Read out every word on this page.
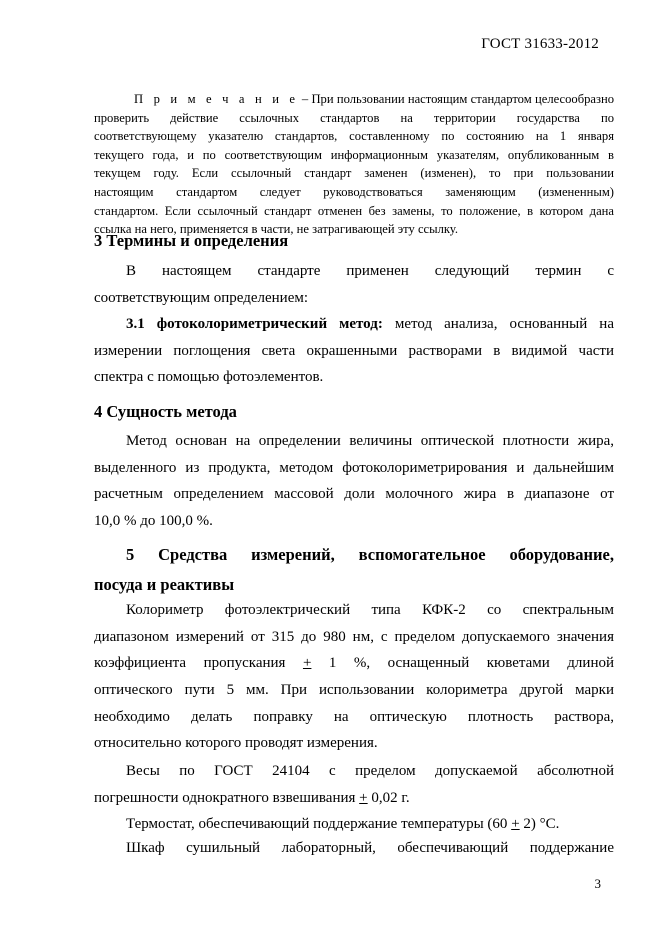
ГОСТ 31633-2012
П р и м е ч а н и е – При пользовании настоящим стандартом целесообразно
проверить действие ссылочных стандартов на территории государства по
соответствующему указателю стандартов, составленному по состоянию на 1 января
текущего года, и по соответствующим информационным указателям, опубликованным в
текущем году. Если ссылочный стандарт заменен (изменен), то при пользовании
настоящим стандартом следует руководствоваться заменяющим (измененным)
стандартом. Если ссылочный стандарт отменен без замены, то положение, в котором дана
ссылка на него, применяется в части, не затрагивающей эту ссылку.
3 Термины и определения
В настоящем стандарте применен следующий термин с
соответствующим определением:
3.1 фотоколориметрический метод: метод анализа, основанный на
измерении поглощения света окрашенными растворами в видимой части
спектра с помощью фотоэлементов.
4 Сущность метода
Метод основан на определении величины оптической плотности жира,
выделенного из продукта, методом фотоколориметрирования и дальнейшим
расчетным определением массовой доли молочного жира в диапазоне от
10,0 % до 100,0 %.
5 Средства измерений, вспомогательное оборудование,
посуда и реактивы
Колориметр фотоэлектрический типа КФК-2 со спектральным
диапазоном измерений от 315 до 980 нм, с пределом допускаемого значения
коэффициента пропускания + 1 %, оснащенный кюветами длиной
оптического пути 5 мм. При использовании колориметра другой марки
необходимо делать поправку на оптическую плотность раствора,
относительно которого проводят измерения.
Весы по ГОСТ 24104 с пределом допускаемой абсолютной
погрешности однократного взвешивания + 0,02 г.
Термостат, обеспечивающий поддержание температуры (60 + 2) °С.
Шкаф сушильный лабораторный, обеспечивающий поддержание
3
